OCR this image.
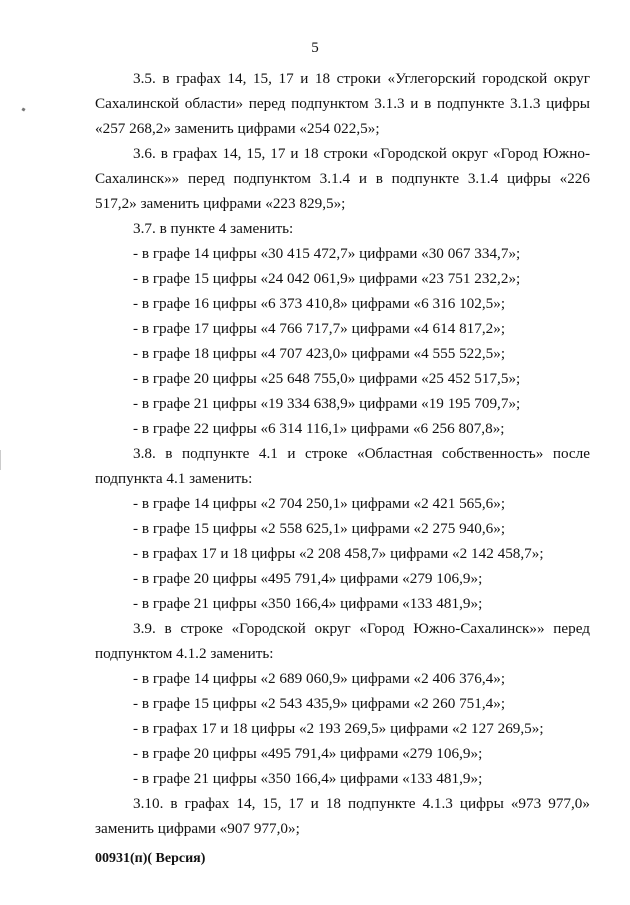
5

3.5. в графах 14, 15, 17 и 18 строки «Углегорский городской округ Сахалинской области» перед подпунктом 3.1.3 и в подпункте 3.1.3 цифры «257 268,2» заменить цифрами «254 022,5»;

3.6. в графах 14, 15, 17 и 18 строки «Городской округ «Город Южно-Сахалинск»» перед подпунктом 3.1.4 и в подпункте 3.1.4 цифры «226 517,2» заменить цифрами «223 829,5»;

3.7. в пункте 4 заменить:

- в графе 14 цифры «30 415 472,7» цифрами «30 067 334,7»;
- в графе 15 цифры «24 042 061,9» цифрами «23 751 232,2»;
- в графе 16 цифры «6 373 410,8» цифрами «6 316 102,5»;
- в графе 17 цифры «4 766 717,7» цифрами «4 614 817,2»;
- в графе 18 цифры «4 707 423,0» цифрами «4 555 522,5»;
- в графе 20 цифры «25 648 755,0» цифрами «25 452 517,5»;
- в графе 21 цифры «19 334 638,9» цифрами «19 195 709,7»;
- в графе 22 цифры «6 314 116,1» цифрами «6 256 807,8»;

3.8. в подпункте 4.1 и строке «Областная собственность» после подпункта 4.1 заменить:

- в графе 14 цифры «2 704 250,1» цифрами «2 421 565,6»;
- в графе 15 цифры «2 558 625,1» цифрами «2 275 940,6»;
- в графах 17 и 18 цифры «2 208 458,7» цифрами «2 142 458,7»;
- в графе 20 цифры «495 791,4» цифрами «279 106,9»;
- в графе 21 цифры «350 166,4» цифрами «133 481,9»;

3.9. в строке «Городской округ «Город Южно-Сахалинск»» перед подпунктом 4.1.2 заменить:

- в графе 14 цифры «2 689 060,9» цифрами «2 406 376,4»;
- в графе 15 цифры «2 543 435,9» цифрами «2 260 751,4»;
- в графах 17 и 18 цифры «2 193 269,5» цифрами «2 127 269,5»;
- в графе 20 цифры «495 791,4» цифрами «279 106,9»;
- в графе 21 цифры «350 166,4» цифрами «133 481,9»;

3.10. в графах 14, 15, 17 и 18 подпункте 4.1.3 цифры «973 977,0» заменить цифрами «907 977,0»;

00931(п)( Версия)
